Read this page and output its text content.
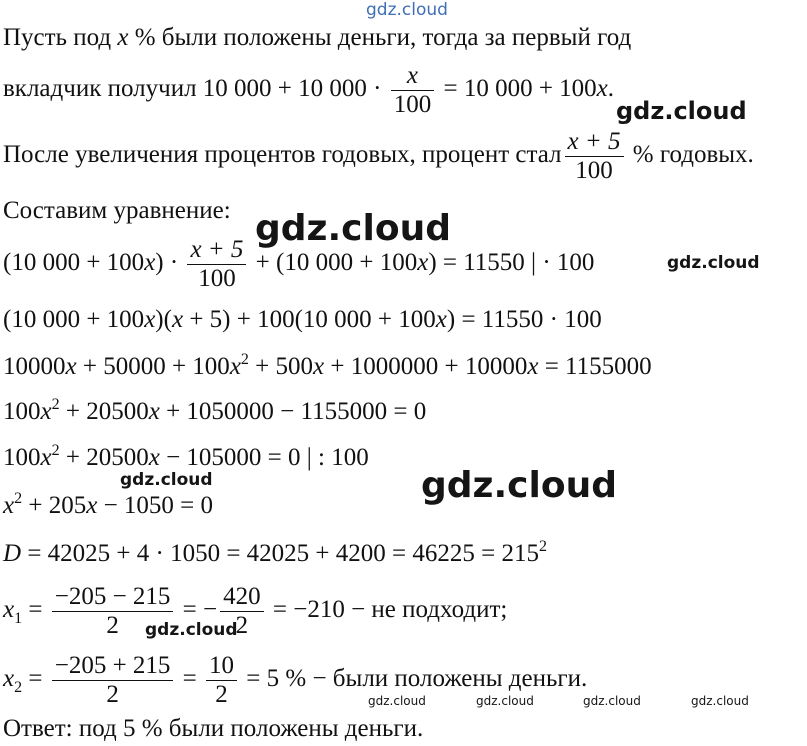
gdz.cloud
gdz.cloud
gdz.cloud
gdz.cloud
gdz.cloud	gdz.cloud
gdz.cloud
gdz.cloud	gdz.cloud	gdz.cloud	gdz.cloud
Пусть под x % были положены деньги, тогда за первый год
вкладчик получил 10 000 + 10 $000 \cdot \frac{x}{100} = 10$ 000 + 100x.
После увеличения процентов годовых, процент стал $\frac{x + 5}{100}$ % годовых.
Составим уравнение:
(10 $000 + 100x) \cdot \frac{x + 5}{100} + (10$ 000 + 100x) = 11550 | · 100
(10 000 + 100x)(x + 5) + 100(10 000 + 100x) = 11550 · 100
$10000x + 50000 + 100x^2 + 500x + 1000000 + 10000x = 1155000$
$100x^2 + 20500x + 1050000 - 1155000 = 0$
$100x^2 + 20500x - 105000 = 0$ | : 100
$x^2 + 205x - 1050 = 0$
$D = 42025 + 4 \cdot 1050 = 42025 + 4200 = 46225 = 215^2$
$x_1 = \frac{-205 - 215}{2}$ = − $\frac{420}{2} = -210$ − не подходит;
$x_2 = \frac{-205 + 215}{2} = \frac{10}{2} = 5$ % − были положены деньги.
Ответ: под 5 % были положены деньги.
